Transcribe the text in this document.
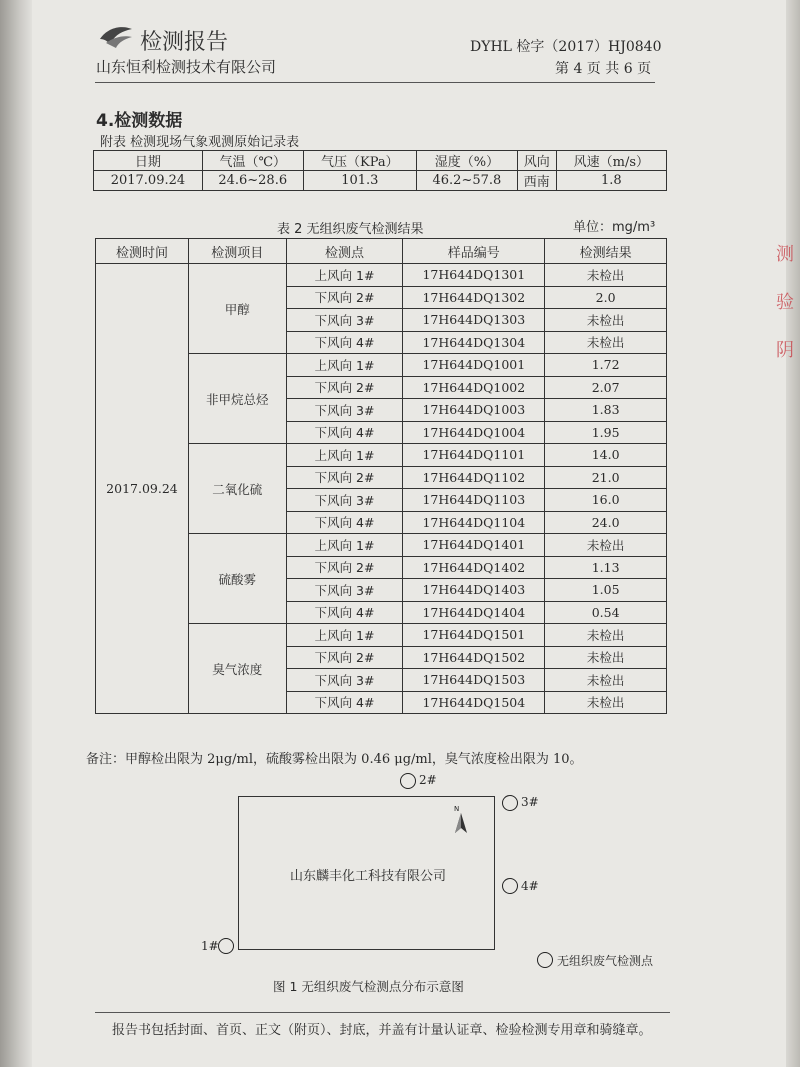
测
验
阴
检测报告
山东恒利检测技术有限公司
DYHL 检字（2017）HJ0840
第 4 页 共 6 页
4.检测数据
附表 检测现场气象观测原始记录表
日期	气温（℃）	气压（KPa）	湿度（%）	风向	风速（m/s）
2017.09.24	24.6~28.6	101.3	46.2~57.8	西南	1.8
表 2 无组织废气检测结果	单位：mg/m³
检测时间	检测项目	检测点	样品编号	检测结果
2017.09.24	甲醇	上风向 1#	17H644DQ1301	未检出
		下风向 2#	17H644DQ1302	2.0
		下风向 3#	17H644DQ1303	未检出
		下风向 4#	17H644DQ1304	未检出
	非甲烷总烃	上风向 1#	17H644DQ1001	1.72
		下风向 2#	17H644DQ1002	2.07
		下风向 3#	17H644DQ1003	1.83
		下风向 4#	17H644DQ1004	1.95
	二氧化硫	上风向 1#	17H644DQ1101	14.0
		下风向 2#	17H644DQ1102	21.0
		下风向 3#	17H644DQ1103	16.0
		下风向 4#	17H644DQ1104	24.0
	硫酸雾	上风向 1#	17H644DQ1401	未检出
		下风向 2#	17H644DQ1402	1.13
		下风向 3#	17H644DQ1403	1.05
		下风向 4#	17H644DQ1404	0.54
	臭气浓度	上风向 1#	17H644DQ1501	未检出
		下风向 2#	17H644DQ1502	未检出
		下风向 3#	17H644DQ1503	未检出
		下风向 4#	17H644DQ1504	未检出
备注：甲醇检出限为 2μg/ml，硫酸雾检出限为 0.46 μg/ml，臭气浓度检出限为 10。
山东麟丰化工科技有限公司
N
2#
3#
4#
1#
无组织废气检测点
图 1 无组织废气检测点分布示意图
报告书包括封面、首页、正文（附页）、封底，并盖有计量认证章、检验检测专用章和骑缝章。
